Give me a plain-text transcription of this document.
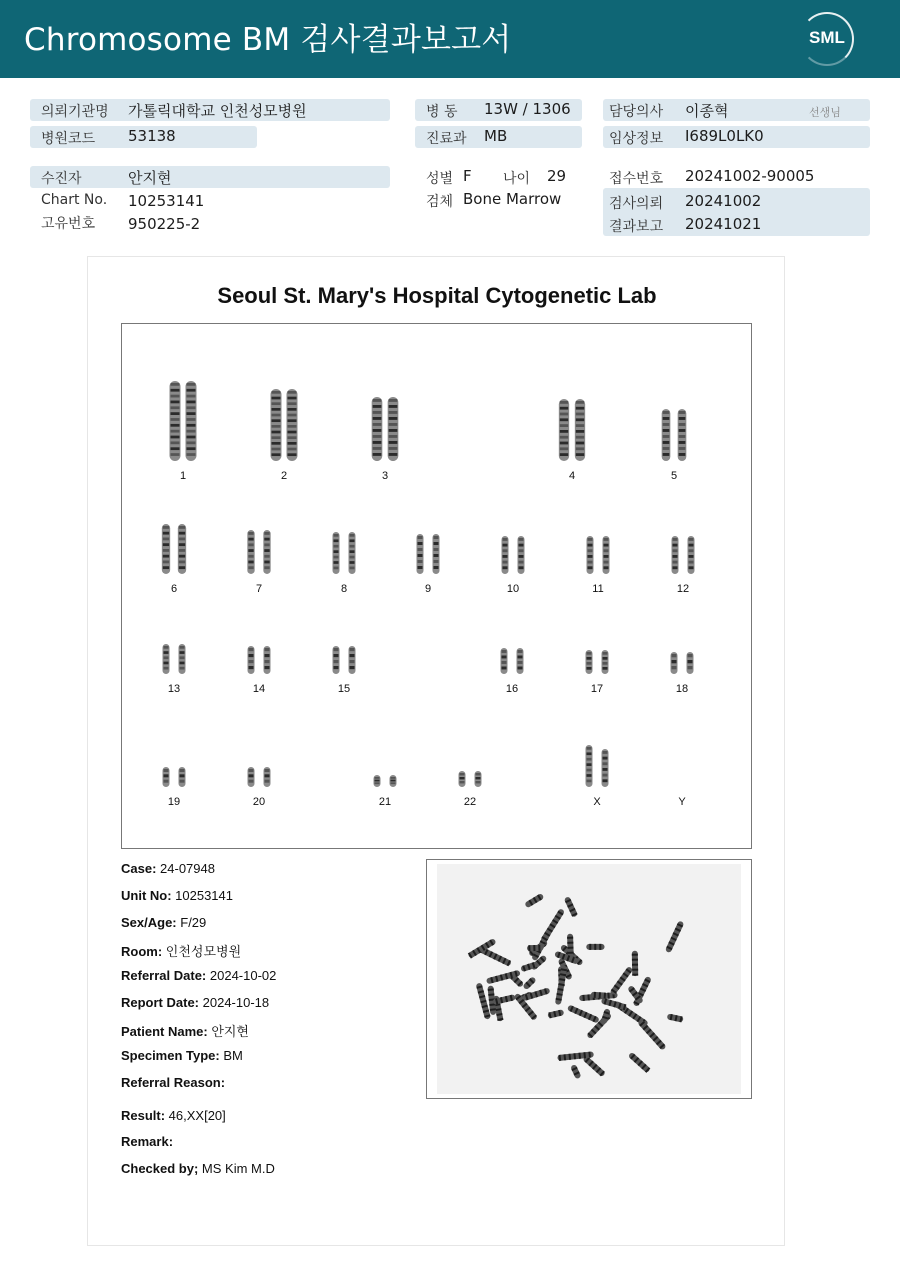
Chromosome BM 검사결과보고서	SML
의뢰기관명 가톨릭대학교 인천성모병원
병원코드 53138
수진자	안지현
Chart No. 10253141
고유번호 950225-2
병 동 13W / 1306
진료과 MB
성별 F 나이 29
검체 Bone Marrow
담당의사 이종혁	선생님
임상정보 I689L0LK0
접수번호 20241002-90005
검사의뢰 20241002
결과보고 20241021
Seoul St. Mary's Hospital Cytogenetic Lab
1	2	3	4	5
6	7	8	9	10	11	12
13	14	15	16	17	18
19	20	21	22	X	Y
Case: 24-07948
Unit No: 10253141
Sex/Age: F/29
Room: 인천성모병원
Referral Date: 2024-10-02
Report Date: 2024-10-18
Patient Name: 안지현
Specimen Type: BM
Referral Reason:
Result: 46,XX[20]
Remark:
Checked by; MS Kim M.D
